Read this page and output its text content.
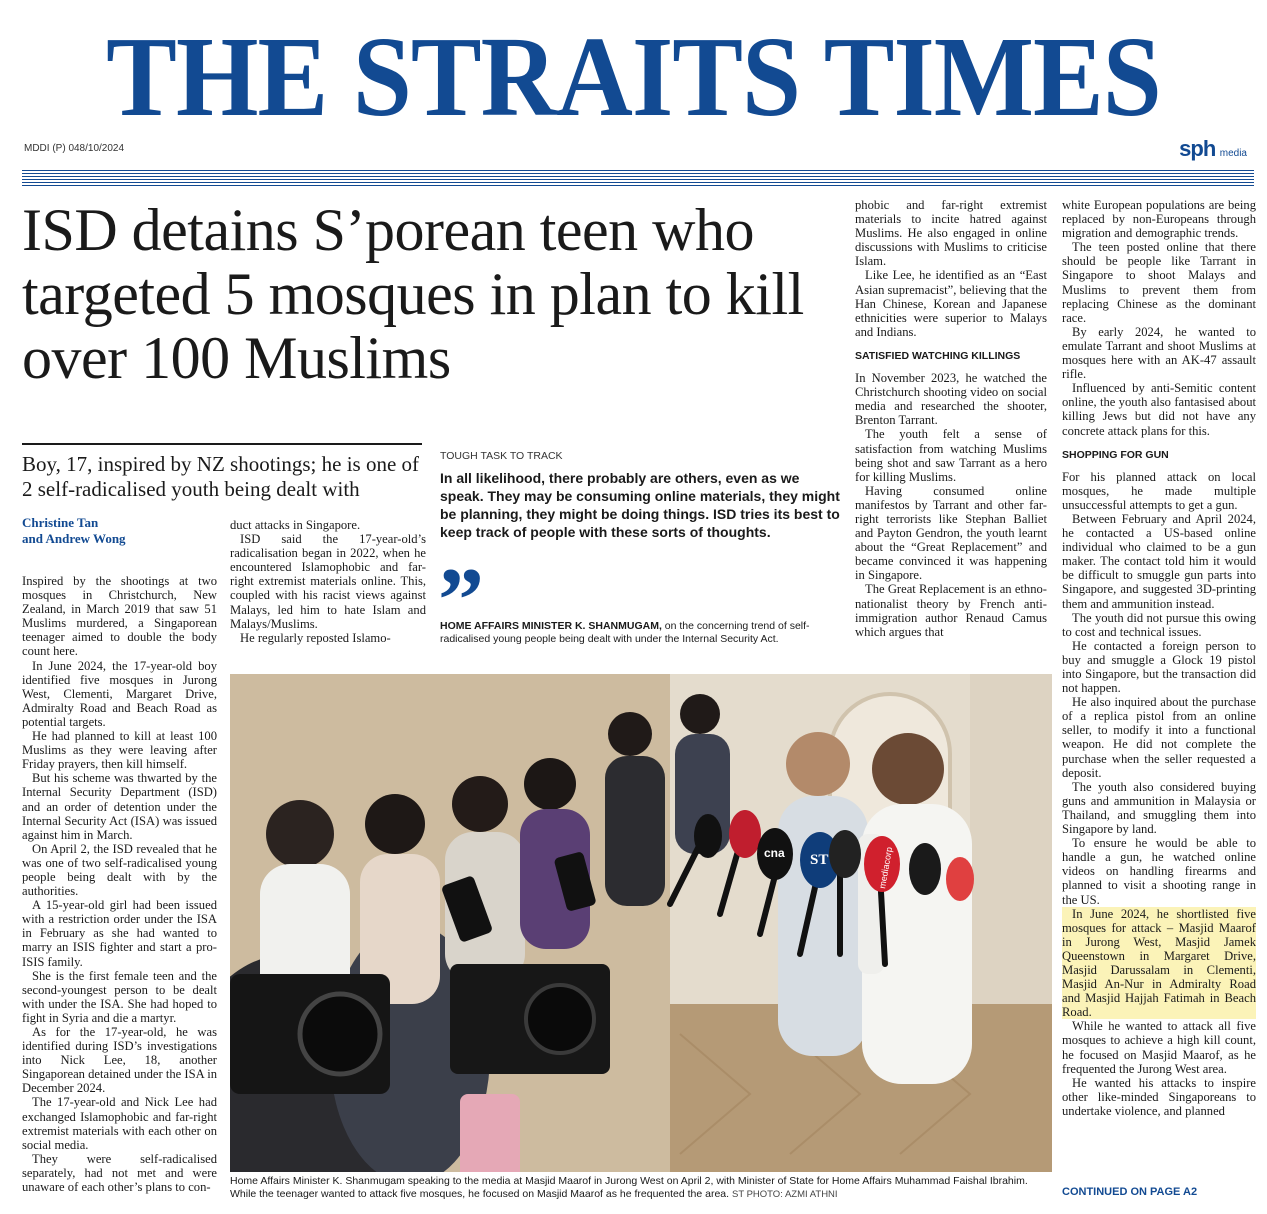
THE STRAITS TIMES
MDDI (P) 048/10/2024	sph media
ISD detains S’porean teen who targeted 5 mosques in plan to kill over 100 Muslims
Boy, 17, inspired by NZ shootings; he is one of 2 self-radicalised youth being dealt with
Christine Tan
and Andrew Wong

Inspired by the shootings at two mosques in Christchurch, New Zealand, in March 2019 that saw 51 Muslims murdered, a Singaporean teenager aimed to double the body count here.

In June 2024, the 17-year-old boy identified five mosques in Jurong West, Clementi, Margaret Drive, Admiralty Road and Beach Road as potential targets.

He had planned to kill at least 100 Muslims as they were leaving after Friday prayers, then kill himself.

But his scheme was thwarted by the Internal Security Department (ISD) and an order of detention under the Internal Security Act (ISA) was issued against him in March.

On April 2, the ISD revealed that he was one of two self-radicalised young people being dealt with by the authorities.

A 15-year-old girl had been issued with a restriction order under the ISA in February as she had wanted to marry an ISIS fighter and start a pro-ISIS family.

She is the first female teen and the second-youngest person to be dealt with under the ISA. She had hoped to fight in Syria and die a martyr.

As for the 17-year-old, he was identified during ISD’s investigations into Nick Lee, 18, another Singaporean detained under the ISA in December 2024.

The 17-year-old and Nick Lee had exchanged Islamophobic and far-right extremist materials with each other on social media.

They were self-radicalised separately, had not met and were unaware of each other’s plans to con-

duct attacks in Singapore.

ISD said the 17-year-old’s radicalisation began in 2022, when he encountered Islamophobic and far-right extremist materials online. This, coupled with his racist views against Malays, led him to hate Islam and Malays/Muslims.

He regularly reposted Islamo-

TOUGH TASK TO TRACK
In all likelihood, there probably are others, even as we speak. They may be consuming online materials, they might be planning, they might be doing things. ISD tries its best to keep track of people with these sorts of thoughts.
”
HOME AFFAIRS MINISTER K. SHANMUGAM, on the concerning trend of self-radicalised young people being dealt with under the Internal Security Act.

phobic and far-right extremist materials to incite hatred against Muslims. He also engaged in online discussions with Muslims to criticise Islam.

Like Lee, he identified as an “East Asian supremacist”, believing that the Han Chinese, Korean and Japanese ethnicities were superior to Malays and Indians.

SATISFIED WATCHING KILLINGS

In November 2023, he watched the Christchurch shooting video on social media and researched the shooter, Brenton Tarrant.

The youth felt a sense of satisfaction from watching Muslims being shot and saw Tarrant as a hero for killing Muslims.

Having consumed online manifestos by Tarrant and other far-right terrorists like Stephan Balliet and Payton Gendron, the youth learnt about the “Great Replacement” and became convinced it was happening in Singapore.

The Great Replacement is an ethno-nationalist theory by French anti-immigration author Renaud Camus which argues that

white European populations are being replaced by non-Europeans through migration and demographic trends.

The teen posted online that there should be people like Tarrant in Singapore to shoot Malays and Muslims to prevent them from replacing Chinese as the dominant race.

By early 2024, he wanted to emulate Tarrant and shoot Muslims at mosques here with an AK-47 assault rifle.

Influenced by anti-Semitic content online, the youth also fantasised about killing Jews but did not have any concrete attack plans for this.

SHOPPING FOR GUN

For his planned attack on local mosques, he made multiple unsuccessful attempts to get a gun.

Between February and April 2024, he contacted a US-based online individual who claimed to be a gun maker. The contact told him it would be difficult to smuggle gun parts into Singapore, and suggested 3D-printing them and ammunition instead.

The youth did not pursue this owing to cost and technical issues.

He contacted a foreign person to buy and smuggle a Glock 19 pistol into Singapore, but the transaction did not happen.

He also inquired about the purchase of a replica pistol from an online seller, to modify it into a functional weapon. He did not complete the purchase when the seller requested a deposit.

The youth also considered buying guns and ammunition in Malaysia or Thailand, and smuggling them into Singapore by land.

To ensure he would be able to handle a gun, he watched online videos on handling firearms and planned to visit a shooting range in the US.

In June 2024, he shortlisted five mosques for attack – Masjid Maarof in Jurong West, Masjid Jamek Queenstown in Margaret Drive, Masjid Darussalam in Clementi, Masjid An-Nur in Admiralty Road and Masjid Hajjah Fatimah in Beach Road.

While he wanted to attack all five mosques to achieve a high kill count, he focused on Masjid Maarof, as he frequented the Jurong West area.

He wanted his attacks to inspire other like-minded Singaporeans to undertake violence, and planned

cna ST	mediacorp
Home Affairs Minister K. Shanmugam speaking to the media at Masjid Maarof in Jurong West on April 2, with Minister of State for Home Affairs Muhammad Faishal Ibrahim. While the teenager wanted to attack five mosques, he focused on Masjid Maarof as he frequented the area. ST PHOTO: AZMI ATHNI	CONTINUED ON PAGE A2
